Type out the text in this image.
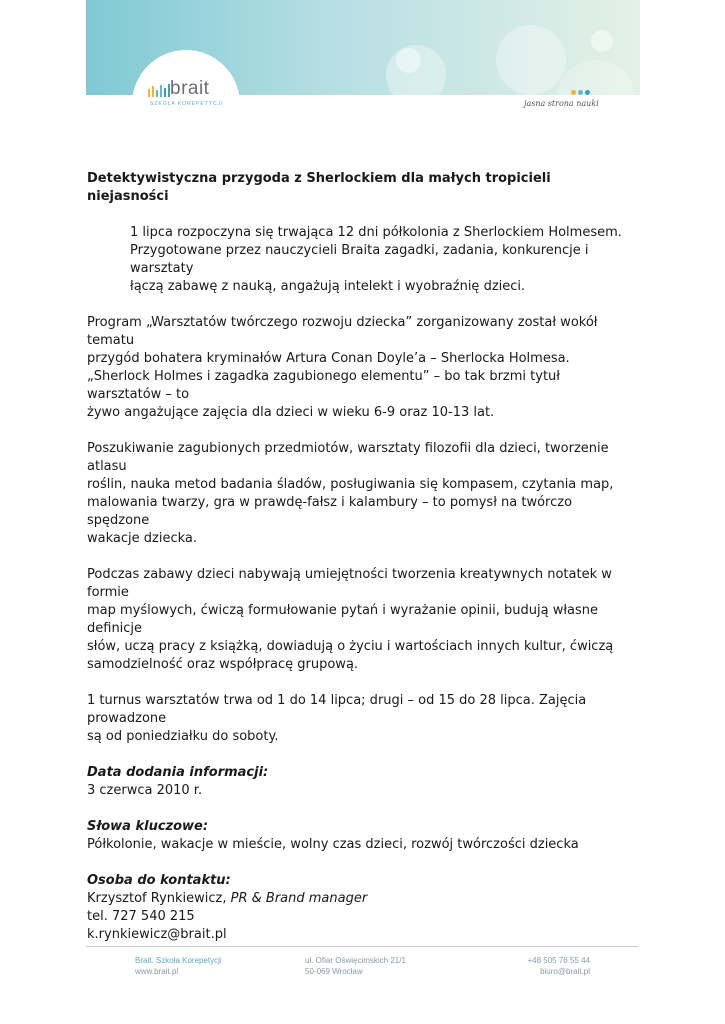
brait
SZKOŁA KOREPETYCJI	jasna strona nauki

Detektywistyczna przygoda z Sherlockiem dla małych tropicieli niejasności

1 lipca rozpoczyna się trwająca 12 dni półkolonia z Sherlockiem Holmesem.
Przygotowane przez nauczycieli Braita zagadki, zadania, konkurencje i warsztaty
łączą zabawę z nauką, angażują intelekt i wyobraźnię dzieci.

Program „Warsztatów twórczego rozwoju dziecka” zorganizowany został wokół tematu
przygód bohatera kryminałów Artura Conan Doyle’a – Sherlocka Holmesa.
„Sherlock Holmes i zagadka zagubionego elementu” – bo tak brzmi tytuł warsztatów – to
żywo angażujące zajęcia dla dzieci w wieku 6-9 oraz 10-13 lat.

Poszukiwanie zagubionych przedmiotów, warsztaty filozofii dla dzieci, tworzenie atlasu
roślin, nauka metod badania śladów, posługiwania się kompasem, czytania map,
malowania twarzy, gra w prawdę-fałsz i kalambury – to pomysł na twórczo spędzone
wakacje dziecka.

Podczas zabawy dzieci nabywają umiejętności tworzenia kreatywnych notatek w formie
map myślowych, ćwiczą formułowanie pytań i wyrażanie opinii, budują własne definicje
słów, uczą pracy z książką, dowiadują o życiu i wartościach innych kultur, ćwiczą
samodzielność oraz współpracę grupową.

1 turnus warsztatów trwa od 1 do 14 lipca; drugi – od 15 do 28 lipca. Zajęcia prowadzone
są od poniedziałku do soboty.

Data dodania informacji:
3 czerwca 2010 r.
Słowa kluczowe:
Półkolonie, wakacje w mieście, wolny czas dzieci, rozwój twórczości dziecka
Osoba do kontaktu:
Krzysztof Rynkiewicz, PR & Brand manager
tel. 727 540 215
k.rynkiewicz@brait.pl
Brait. Szkoła Korepetycji
www.brait.pl
ul. Ofiar Oświęcimskich 21/1
50-069 Wrocław
+48 505 76 55 44
biuro@brait.pl
